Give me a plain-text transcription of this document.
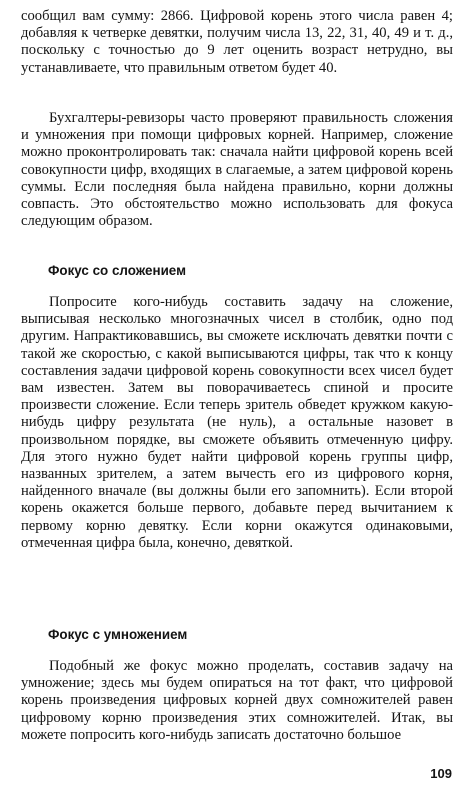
сообщил вам сумму: 2866. Цифровой корень этого числа равен 4; добавляя к четверке девятки, получим числа 13, 22, 31, 40, 49 и т. д., поскольку с точностью до 9 лет оценить возраст нетрудно, вы устанавливаете, что правильным ответом будет 40.

Бухгалтеры-ревизоры часто проверяют правильность сложения и умножения при помощи цифровых корней. Например, сложение можно проконтролировать так: сначала найти цифровой корень всей совокупности цифр, входящих в слагаемые, а затем цифровой корень суммы. Если последняя была найдена правильно, корни должны совпасть. Это обстоятельство можно использовать для фокуса следующим образом.

Фокус со сложением

Попросите кого-нибудь составить задачу на сложение, выписывая несколько многозначных чисел в столбик, одно под другим. Напрактиковавшись, вы сможете исключать девятки почти с такой же скоростью, с какой выписываются цифры, так что к концу составления задачи цифровой корень совокупности всех чисел будет вам известен. Затем вы поворачиваетесь спиной и просите произвести сложение. Если теперь зритель обведет кружком какую-нибудь цифру результата (не нуль), а остальные назовет в произвольном порядке, вы сможете объявить отмеченную цифру. Для этого нужно будет найти цифровой корень группы цифр, названных зрителем, а затем вычесть его из цифрового корня, найденного вначале (вы должны были его запомнить). Если второй корень окажется больше первого, добавьте перед вычитанием к первому корню девятку. Если корни окажутся одинаковыми, отмеченная цифра была, конечно, девяткой.

Фокус с умножением

Подобный же фокус можно проделать, составив задачу на умножение; здесь мы будем опираться на тот факт, что цифровой корень произведения цифровых корней двух сомножителей равен цифровому корню произведения этих сомножителей. Итак, вы можете попросить кого-нибудь записать достаточно большое

109
